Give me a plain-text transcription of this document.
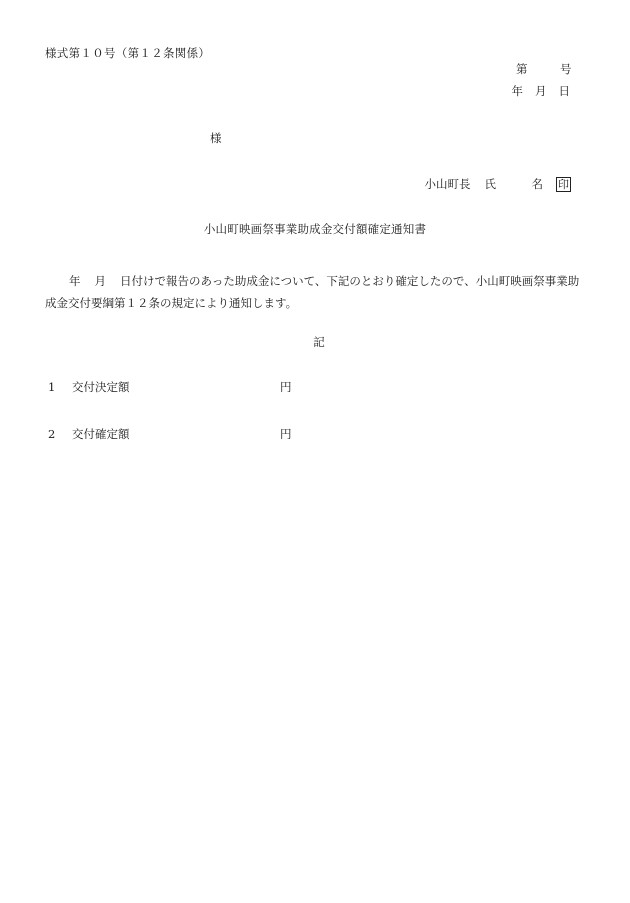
様式第１０号（第１２条関係）
第	号
年 月 日
様
小山町長 氏　名 印
小山町映画祭事業助成金交付額確定通知書
年 月 日付けで報告のあった助成金について、下記のとおり確定したので、小山町映画祭事業助
成金交付要綱第１２条の規定により通知します。
記
1	交付決定額	円
2	交付確定額	円
